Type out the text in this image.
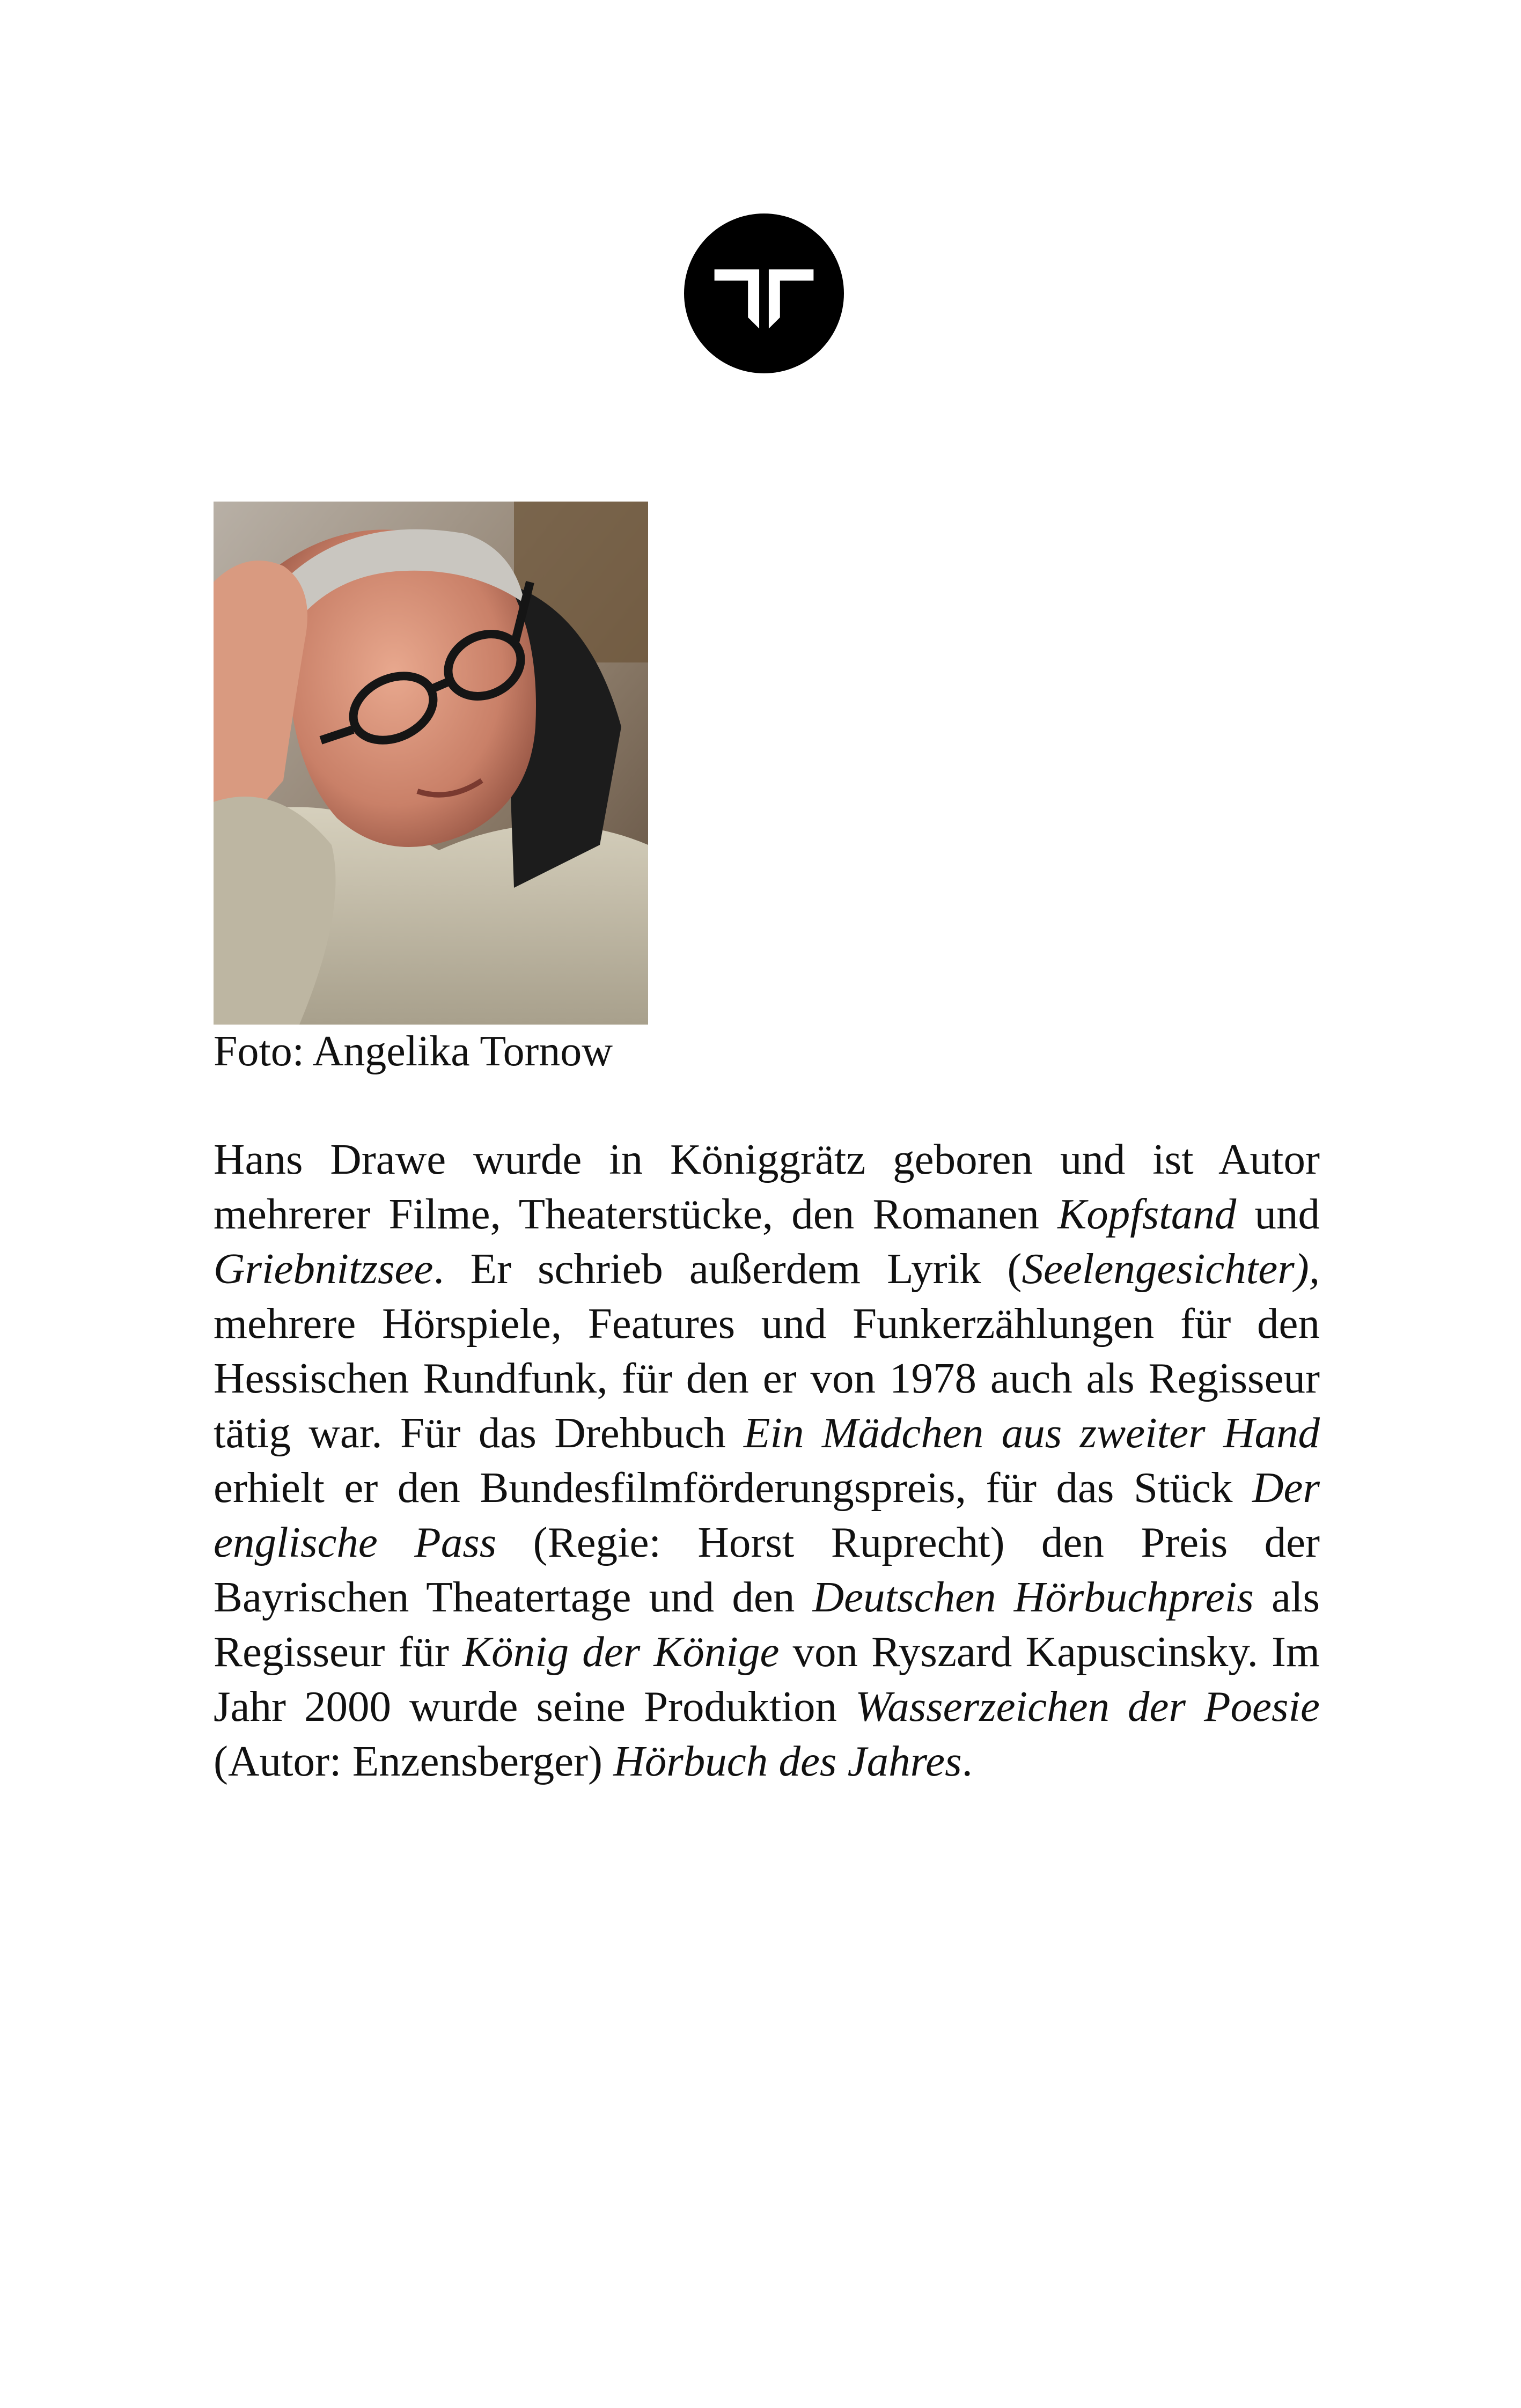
Foto: Angelika Tornow
Hans Drawe wurde in Königgrätz geboren und ist Autor mehrerer Filme, Theaterstücke, den Romanen Kopfstand und Griebnitzsee. Er schrieb außerdem Lyrik (Seelengesichter), mehrere Hörspiele, Features und Funkerzählungen für den Hessischen Rundfunk, für den er von 1978 auch als Regisseur tätig war. Für das Drehbuch Ein Mädchen aus zweiter Hand erhielt er den Bundesfilmförderungspreis, für das Stück Der englische Pass (Regie: Horst Ruprecht) den Preis der Bayrischen Theatertage und den Deutschen Hörbuchpreis als Regisseur für König der Könige von Ryszard Kapuscinsky. Im Jahr 2000 wurde seine Produktion Wasserzeichen der Poesie (Autor: Enzensberger) Hörbuch des Jahres.
